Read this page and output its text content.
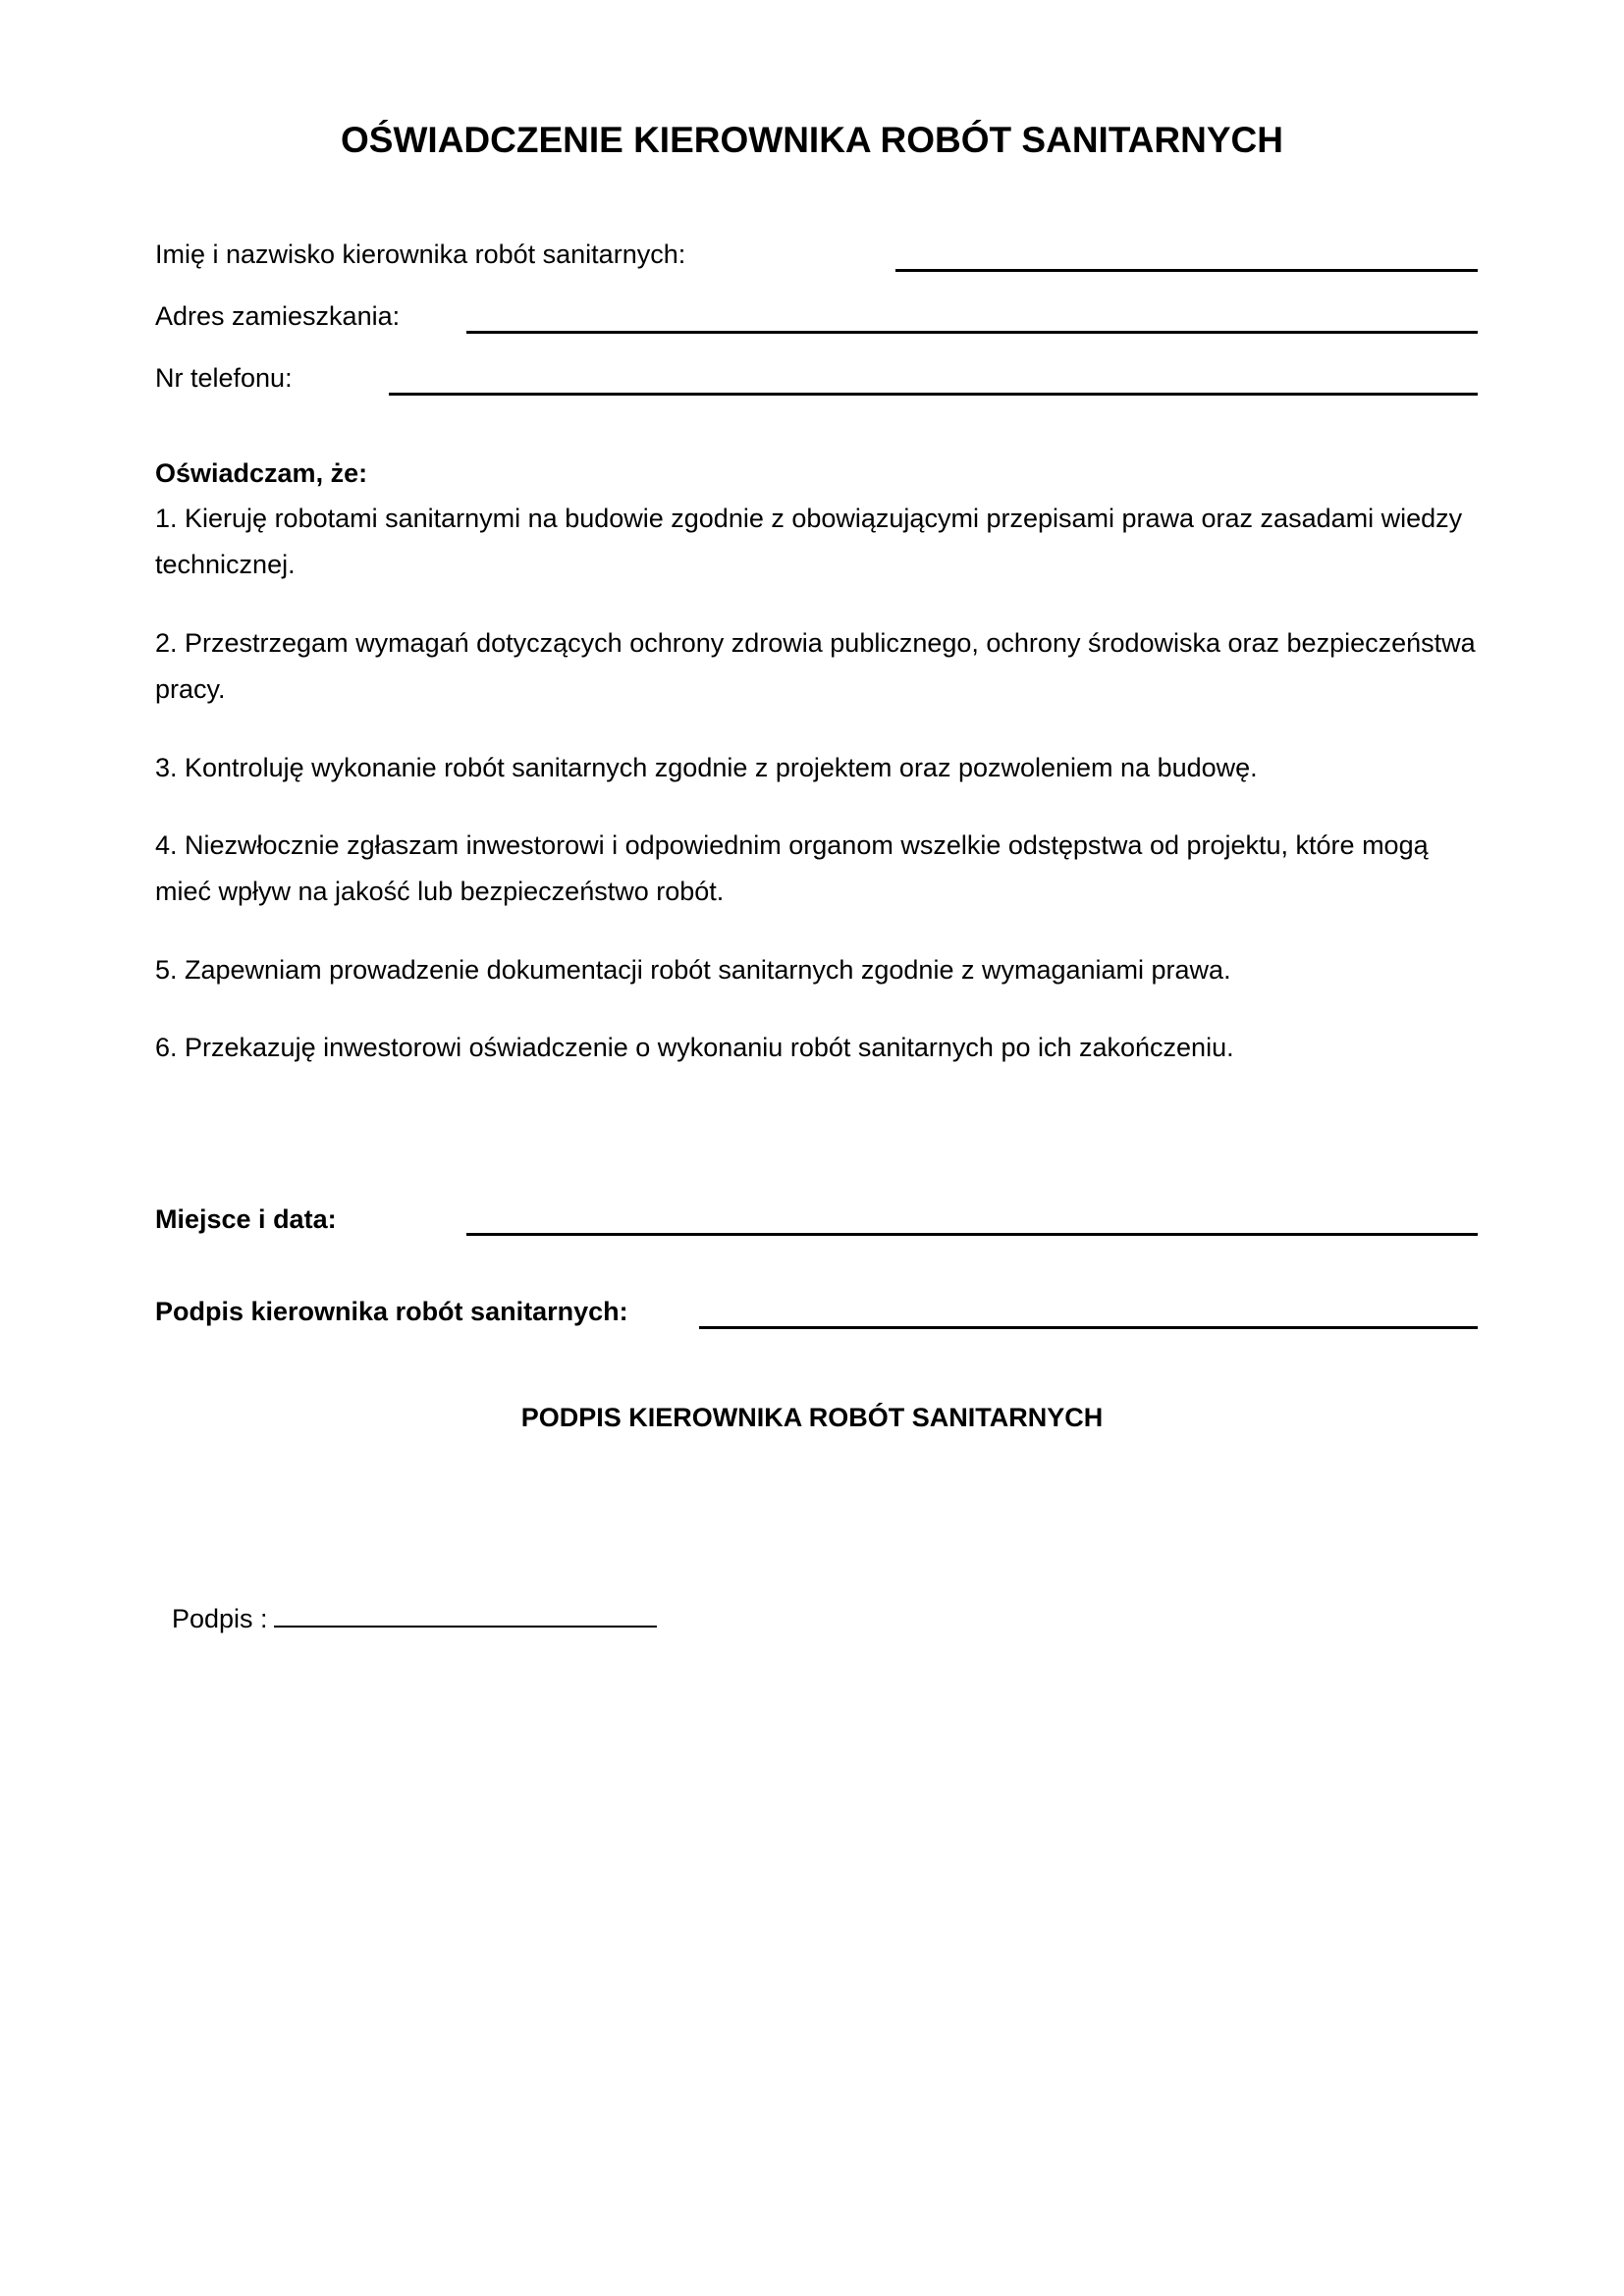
OŚWIADCZENIE KIEROWNIKA ROBÓT SANITARNYCH
Imię i nazwisko kierownika robót sanitarnych:
Adres zamieszkania:
Nr telefonu:
Oświadczam, że:

1. Kieruję robotami sanitarnymi na budowie zgodnie z obowiązującymi przepisami prawa oraz zasadami wiedzy technicznej.

2. Przestrzegam wymagań dotyczących ochrony zdrowia publicznego, ochrony środowiska oraz bezpieczeństwa pracy.

3. Kontroluję wykonanie robót sanitarnych zgodnie z projektem oraz pozwoleniem na budowę.

4. Niezwłocznie zgłaszam inwestorowi i odpowiednim organom wszelkie odstępstwa od projektu, które mogą mieć wpływ na jakość lub bezpieczeństwo robót.

5. Zapewniam prowadzenie dokumentacji robót sanitarnych zgodnie z wymaganiami prawa.

6. Przekazuję inwestorowi oświadczenie o wykonaniu robót sanitarnych po ich zakończeniu.

Miejsce i data:
Podpis kierownika robót sanitarnych:
PODPIS KIEROWNIKA ROBÓT SANITARNYCH
Podpis :
